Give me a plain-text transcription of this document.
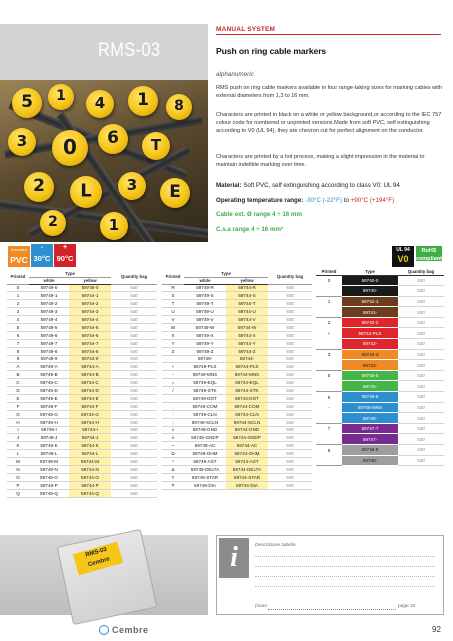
RMS-03
MANUAL SYSTEM
Push on ring cable markers
5	1	4	1	8
3	0	6	T
2	L	3	E
2	1
alphanumeric
RMS push on ring cable markers available in four range-taking sizes for marking cables with external diameters from 1,3 to 16 mm.
Characters are printed in black on a white or yellow background,or according to the IEC 757 colour code for numbered or unprinted versions.Made from soft PVC, self extinguishing according to V0 (UL 94), they are chevron cut for perfect alignment on the conductor.
Characters are printed by a hot process, making a slight impression in the material to maintain indelible marking over time.
Material: Soft PVC, self extinguishing according to class V0: UL 94
Operating temperature range: -30°C (-22°F) to +90°C (+194°F)
Cable ext. Ø range 4 ÷ 16 mm
C.s.a range 4 ÷ 16 mm²
Insulated
PVC
-
30°C
+
90°C
UL 94
V0
RoHS compliant
Printed	Type		Quantity bag
	white	yellow	
0	59749-0	59746-0	500
1	59749-1	59744-1	500
2	59749-2	59744-2	500
3	59749-3	59744-3	500
4	59749-4	59744-4	500
5	59749-5	59744-5	500
6	59749-6	59744-6	500
7	59749-7	59744-7	500
8	59749-8	59744-8	500
9	59749-9	59744-9	500
A	59749-A	59744-A	500
B	59749-B	59744-B	500
C	59749-C	59744-C	500
D	59749-D	59744-D	500
E	59749-E	59744-E	500
F	59749-F	59744-F	500
G	59749-G	59744-G	500
H	59749-H	59744-H	500
I	59749-I	59744-I	500
J	59749-J	59744-J	500
K	59749-K	59744-K	500
L	59749-L	59744-L	500
M	59749-M	59744-M	500
N	59749-N	59744-N	500
O	59749-O	59744-O	500
P	59749-P	59744-P	500
Q	59749-Q	59744-Q	500
Printed	Type		Quantity bag
	white	yellow	
R	59749-R	59744-R	500
S	59749-S	59744-S	500
T	59749-T	59744-T	500
U	59749-U	59744-U	500
V	59749-V	59744-V	500
W	59749-W	59744-W	500
X	59749-X	59744-X	500
Y	59749-Y	59744-Y	500
Z	59749-Z	59744-Z	500
	59749-	59744-	500
+	59749-PLS	59744-PLS	500
-	59749-MNS	59744-MNS	500
=	59749-EQL	59744-EQL	500
/	59749-STK	59744-STK	500
.	59749-DOT	59744-DOT	500
,	59749-COM	59744-COM	500
:	59749-CLN	59744-CLN	500
;	59749-SCLN	59744-SCLN	500
⏚	59749-GND	59744-GND	500
⏚	59749-GNDP	59744-GNDP	500
~	59749-AC	59744-AC	500
Ω	59749-OHM	59744-OHM	500
*	59749-AST	59744-AST	500
Δ	59749-DELTA	59744-DELTA	500
Y	59749-STAR	59744-STAR	500
⌀	59749-DIA	59744-DIA	500
Printed	Type	Quantity bag
0	59740-0	500
	59740-	500
1	59741-1	500
	59741-	500
2	59742-2	500
+	59742-PLS	500
	59742-	500
3	59743-3	500
	59743-	500
5	59745-5	500
	59745-	500
6	59746-6	500
-	59746-MNS	500
	59746-	500
7	59747-7	500
	59747-	500
8	59748-8	500
	59748-	500
RMS-03
Cembre	i	Descrizione tabella
(soon	page 33
Cembre	92
